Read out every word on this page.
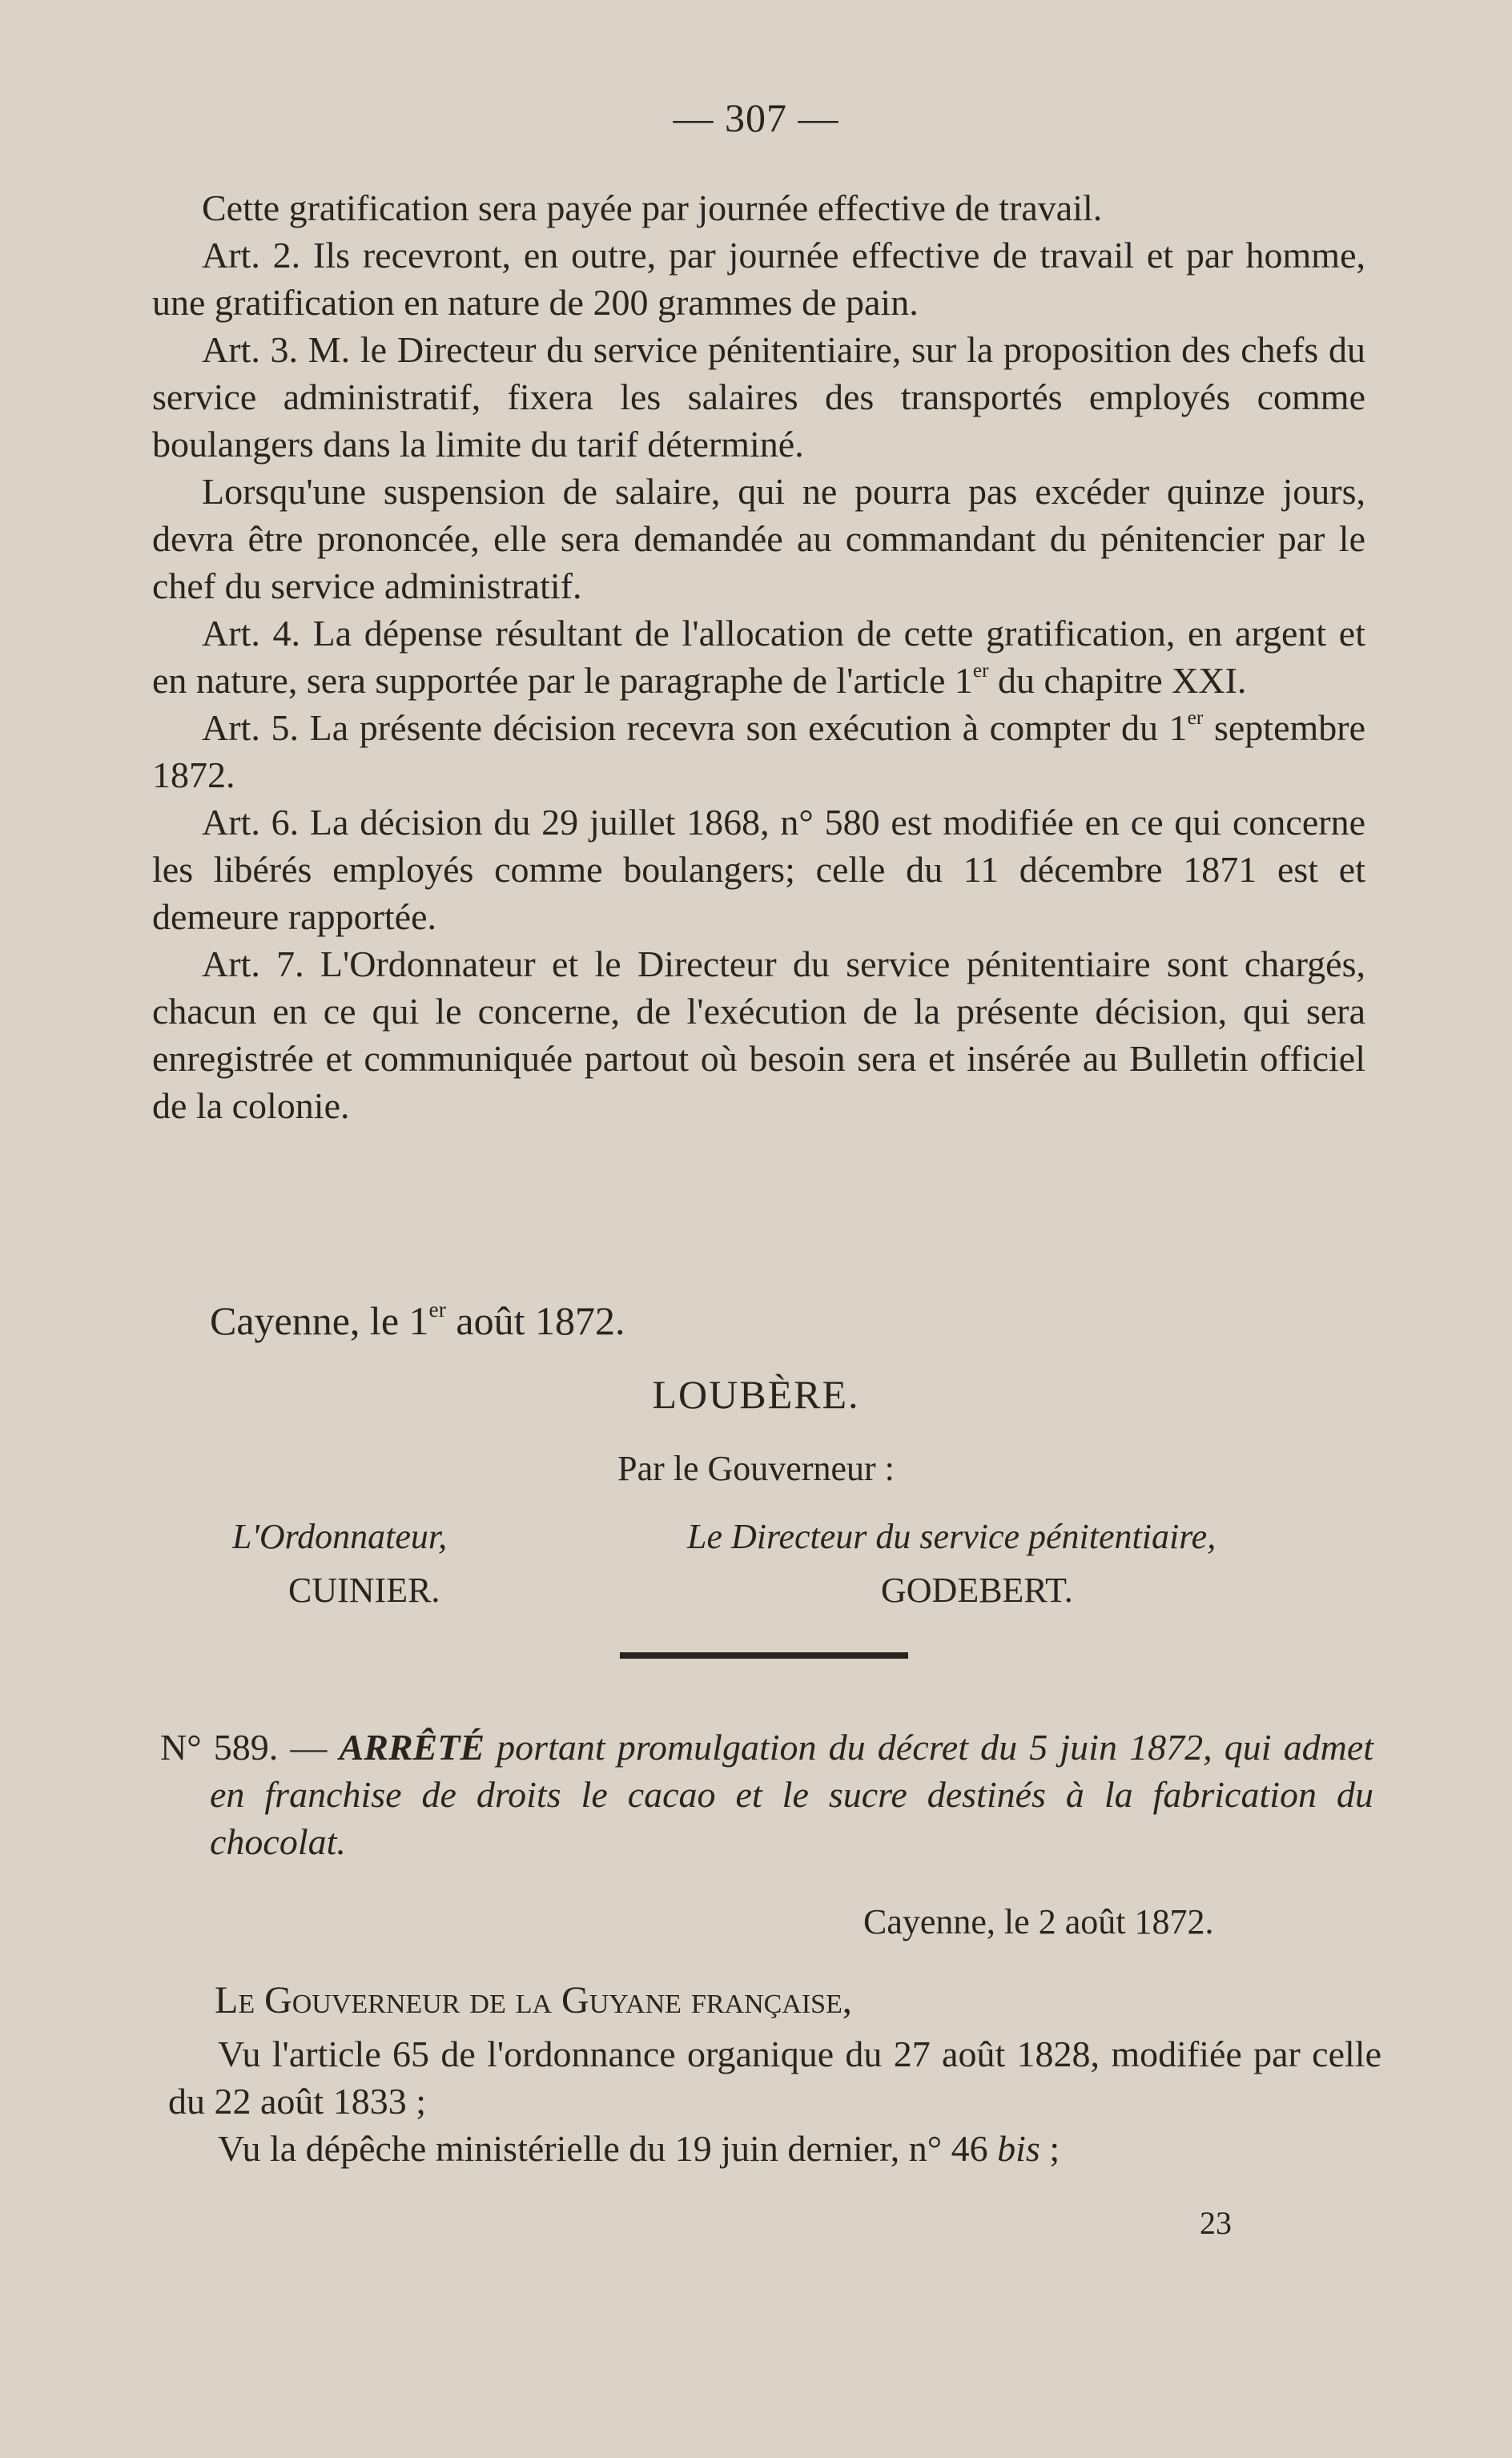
— 307 —

Cette gratification sera payée par journée effective de travail.

Art. 2. Ils recevront, en outre, par journée effective de travail et par homme, une gratification en nature de 200 grammes de pain.

Art. 3. M. le Directeur du service pénitentiaire, sur la proposition des chefs du service administratif, fixera les salaires des transportés employés comme boulangers dans la limite du tarif déterminé.

Lorsqu'une suspension de salaire, qui ne pourra pas excéder quinze jours, devra être prononcée, elle sera demandée au commandant du pénitencier par le chef du service administratif.

Art. 4. La dépense résultant de l'allocation de cette gratification, en argent et en nature, sera supportée par le paragraphe de l'article 1er du chapitre XXI.

Art. 5. La présente décision recevra son exécution à compter du 1er septembre 1872.

Art. 6. La décision du 29 juillet 1868, n° 580 est modifiée en ce qui concerne les libérés employés comme boulangers; celle du 11 décembre 1871 est et demeure rapportée.

Art. 7. L'Ordonnateur et le Directeur du service pénitentiaire sont chargés, chacun en ce qui le concerne, de l'exécution de la présente décision, qui sera enregistrée et communiquée partout où besoin sera et insérée au Bulletin officiel de la colonie.

Cayenne, le 1er août 1872.
LOUBÈRE.
Par le Gouverneur :
L'Ordonnateur,
CUINIER.
Le Directeur du service pénitentiaire,
GODEBERT.

N° 589. — ARRÊTÉ portant promulgation du décret du 5 juin 1872, qui admet en franchise de droits le cacao et le sucre destinés à la fabrication du chocolat.

Cayenne, le 2 août 1872.

Le Gouverneur de la Guyane française,

Vu l'article 65 de l'ordonnance organique du 27 août 1828, modifiée par celle du 22 août 1833 ;

Vu la dépêche ministérielle du 19 juin dernier, n° 46 bis ;

23
